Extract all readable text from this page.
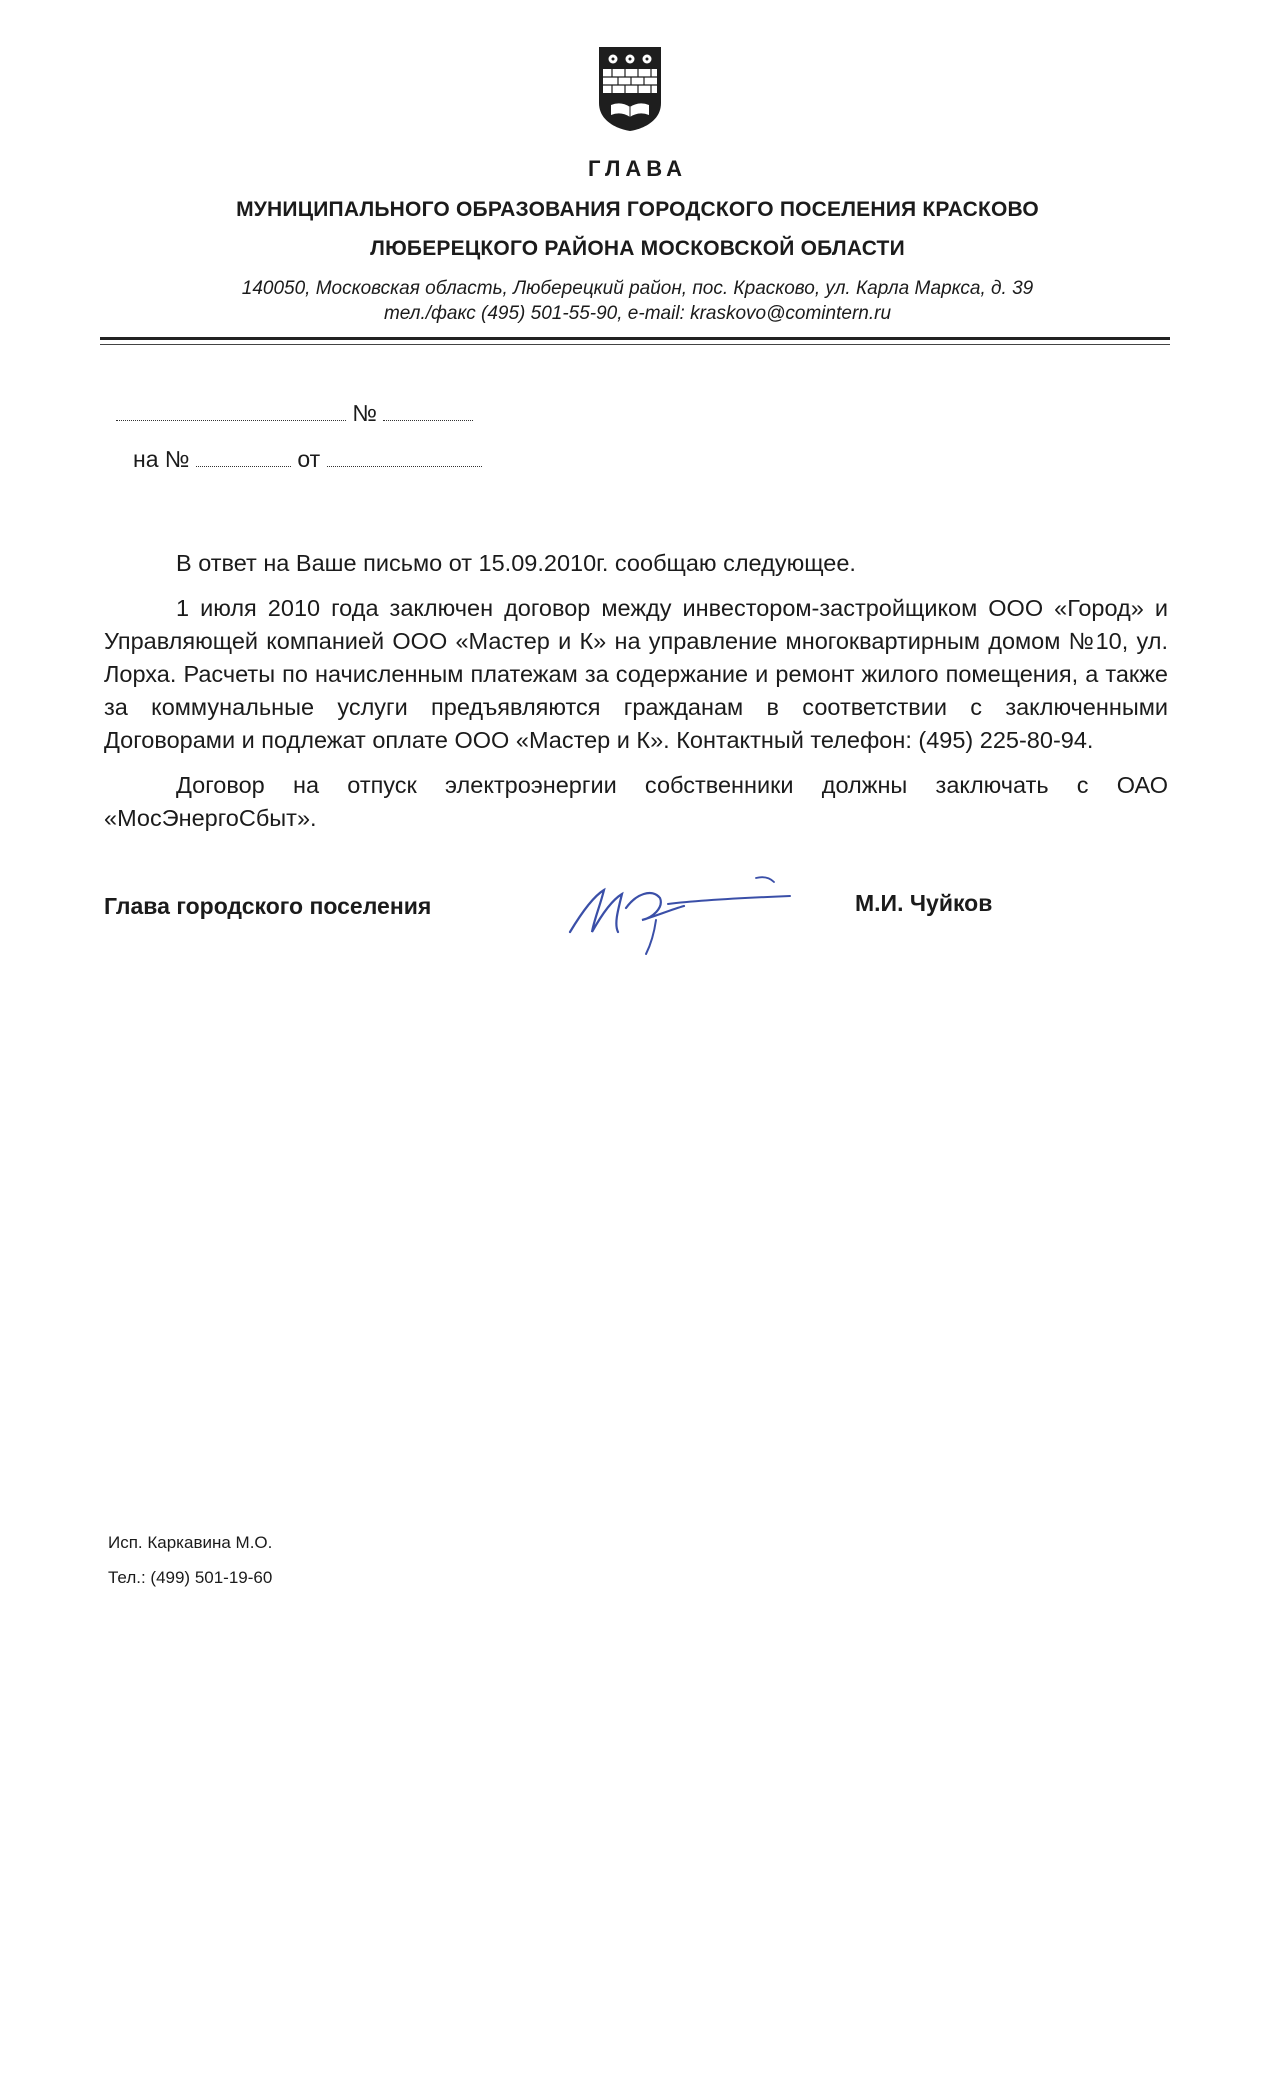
ГЛАВА
МУНИЦИПАЛЬНОГО ОБРАЗОВАНИЯ ГОРОДСКОГО ПОСЕЛЕНИЯ КРАСКОВО
ЛЮБЕРЕЦКОГО РАЙОНА МОСКОВСКОЙ ОБЛАСТИ
140050, Московская область, Люберецкий район, пос. Красково, ул. Карла Маркса, д. 39
тел./факс (495) 501-55-90, e-mail: kraskovo@comintern.ru
№
на №	от

В ответ на Ваше письмо от 15.09.2010г. сообщаю следующее.

1 июля 2010 года заключен договор между инвестором-застройщиком ООО «Город» и Управляющей компанией ООО «Мастер и К» на управление многоквартирным домом №10, ул. Лорха. Расчеты по начисленным платежам за содержание и ремонт жилого помещения, а также за коммунальные услуги предъявляются гражданам в соответствии с заключенными Договорами и подлежат оплате ООО «Мастер и К». Контактный телефон: (495) 225-80-94.

Договор на отпуск электроэнергии собственники должны заключать с ОАО «МосЭнергоСбыт».

Глава городского поселения	М.И. Чуйков
Исп. Каркавина М.О.
Тел.: (499) 501-19-60
